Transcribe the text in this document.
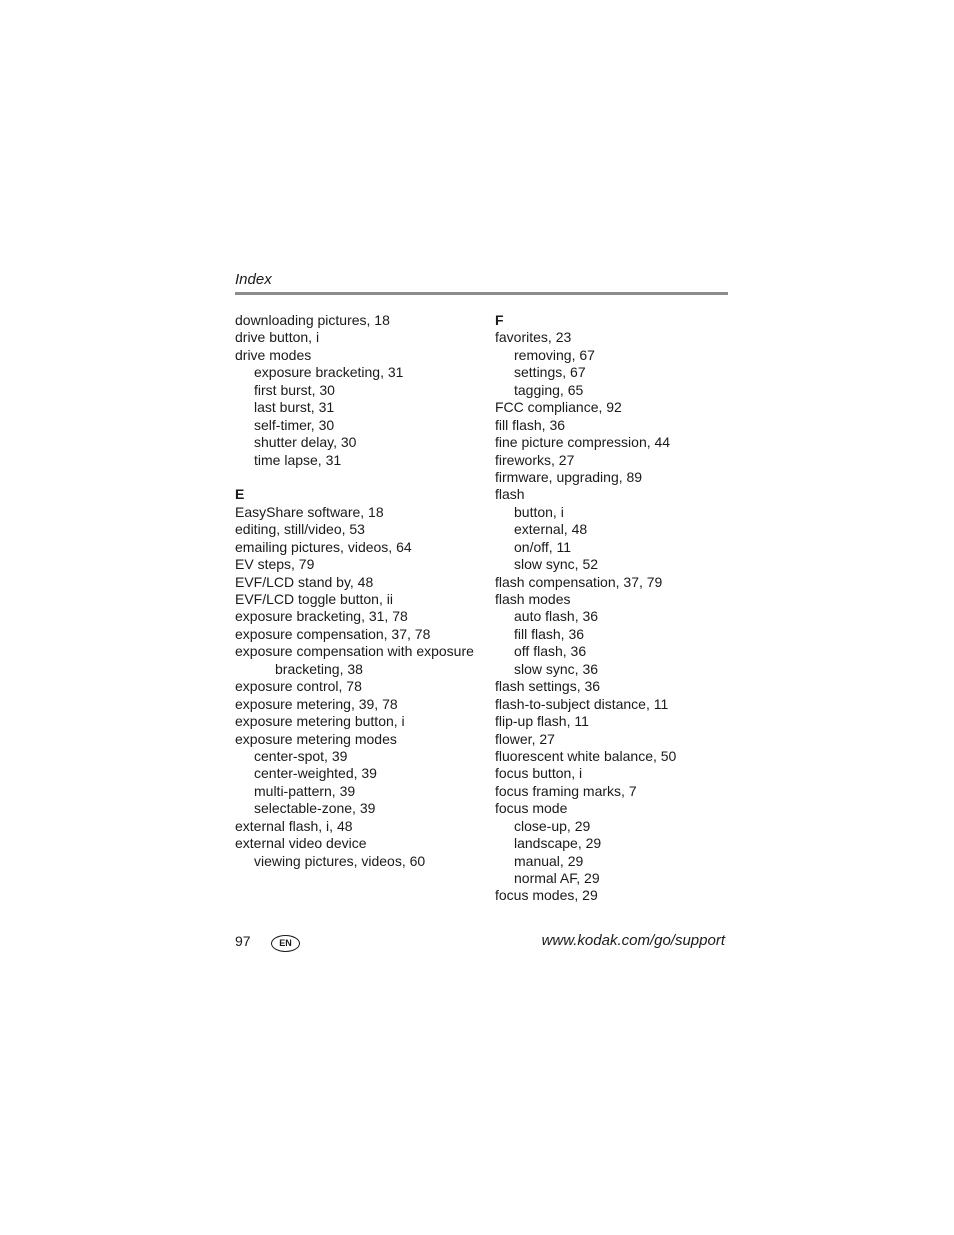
Index
downloading pictures, 18
drive button, i
drive modes
exposure bracketing, 31
first burst, 30
last burst, 31
self-timer, 30
shutter delay, 30
time lapse, 31
E
EasyShare software, 18
editing, still/video, 53
emailing pictures, videos, 64
EV steps, 79
EVF/LCD stand by, 48
EVF/LCD toggle button, ii
exposure bracketing, 31, 78
exposure compensation, 37, 78
exposure compensation with exposure
bracketing, 38
exposure control, 78
exposure metering, 39, 78
exposure metering button, i
exposure metering modes
center-spot, 39
center-weighted, 39
multi-pattern, 39
selectable-zone, 39
external flash, i, 48
external video device
viewing pictures, videos, 60
F
favorites, 23
removing, 67
settings, 67
tagging, 65
FCC compliance, 92
fill flash, 36
fine picture compression, 44
fireworks, 27
firmware, upgrading, 89
flash
button, i
external, 48
on/off, 11
slow sync, 52
flash compensation, 37, 79
flash modes
auto flash, 36
fill flash, 36
off flash, 36
slow sync, 36
flash settings, 36
flash-to-subject distance, 11
flip-up flash, 11
flower, 27
fluorescent white balance, 50
focus button, i
focus framing marks, 7
focus mode
close-up, 29
landscape, 29
manual, 29
normal AF, 29
focus modes, 29
97	EN	www.kodak.com/go/support
